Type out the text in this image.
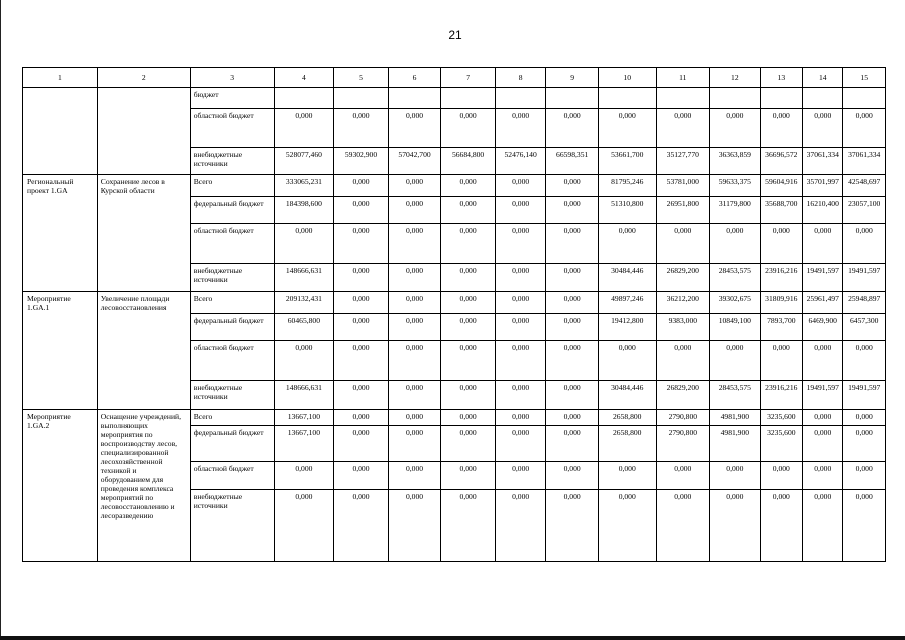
21
1	2	3	4	5	6	7	8	9	10	11	12	13	14	15
		бюджет												
		областной бюджет	0,000	0,000	0,000	0,000	0,000	0,000	0,000	0,000	0,000	0,000	0,000	0,000
		внебюджетные источники	528077,460	59302,900	57042,700	56684,800	52476,140	66598,351	53661,700	35127,770	36363,859	36696,572	37061,334	37061,334
Региональный проект 1.GA	Сохранение лесов в Курской области	Всего	333065,231	0,000	0,000	0,000	0,000	0,000	81795,246	53781,000	59633,375	59604,916	35701,997	42548,697
		федеральный бюджет	184398,600	0,000	0,000	0,000	0,000	0,000	51310,800	26951,800	31179,800	35688,700	16210,400	23057,100
		областной бюджет	0,000	0,000	0,000	0,000	0,000	0,000	0,000	0,000	0,000	0,000	0,000	0,000
		внебюджетные источники	148666,631	0,000	0,000	0,000	0,000	0,000	30484,446	26829,200	28453,575	23916,216	19491,597	19491,597
Мероприятие 1.GA.1	Увеличение площади лесовосстановления	Всего	209132,431	0,000	0,000	0,000	0,000	0,000	49897,246	36212,200	39302,675	31809,916	25961,497	25948,897
		федеральный бюджет	60465,800	0,000	0,000	0,000	0,000	0,000	19412,800	9383,000	10849,100	7893,700	6469,900	6457,300
		областной бюджет	0,000	0,000	0,000	0,000	0,000	0,000	0,000	0,000	0,000	0,000	0,000	0,000
		внебюджетные источники	148666,631	0,000	0,000	0,000	0,000	0,000	30484,446	26829,200	28453,575	23916,216	19491,597	19491,597
Мероприятие 1.GA.2	Оснащение учреждений, выполняющих мероприятия по воспроизводству лесов, специализированной лесохозяйственной техникой и оборудованием для проведения комплекса мероприятий по лесовосстановлению и лесоразведению	Всего	13667,100	0,000	0,000	0,000	0,000	0,000	2658,800	2790,800	4981,900	3235,600	0,000	0,000
		федеральный бюджет	13667,100	0,000	0,000	0,000	0,000	0,000	2658,800	2790,800	4981,900	3235,600	0,000	0,000
		областной бюджет	0,000	0,000	0,000	0,000	0,000	0,000	0,000	0,000	0,000	0,000	0,000	0,000
		внебюджетные источники	0,000	0,000	0,000	0,000	0,000	0,000	0,000	0,000	0,000	0,000	0,000	0,000
